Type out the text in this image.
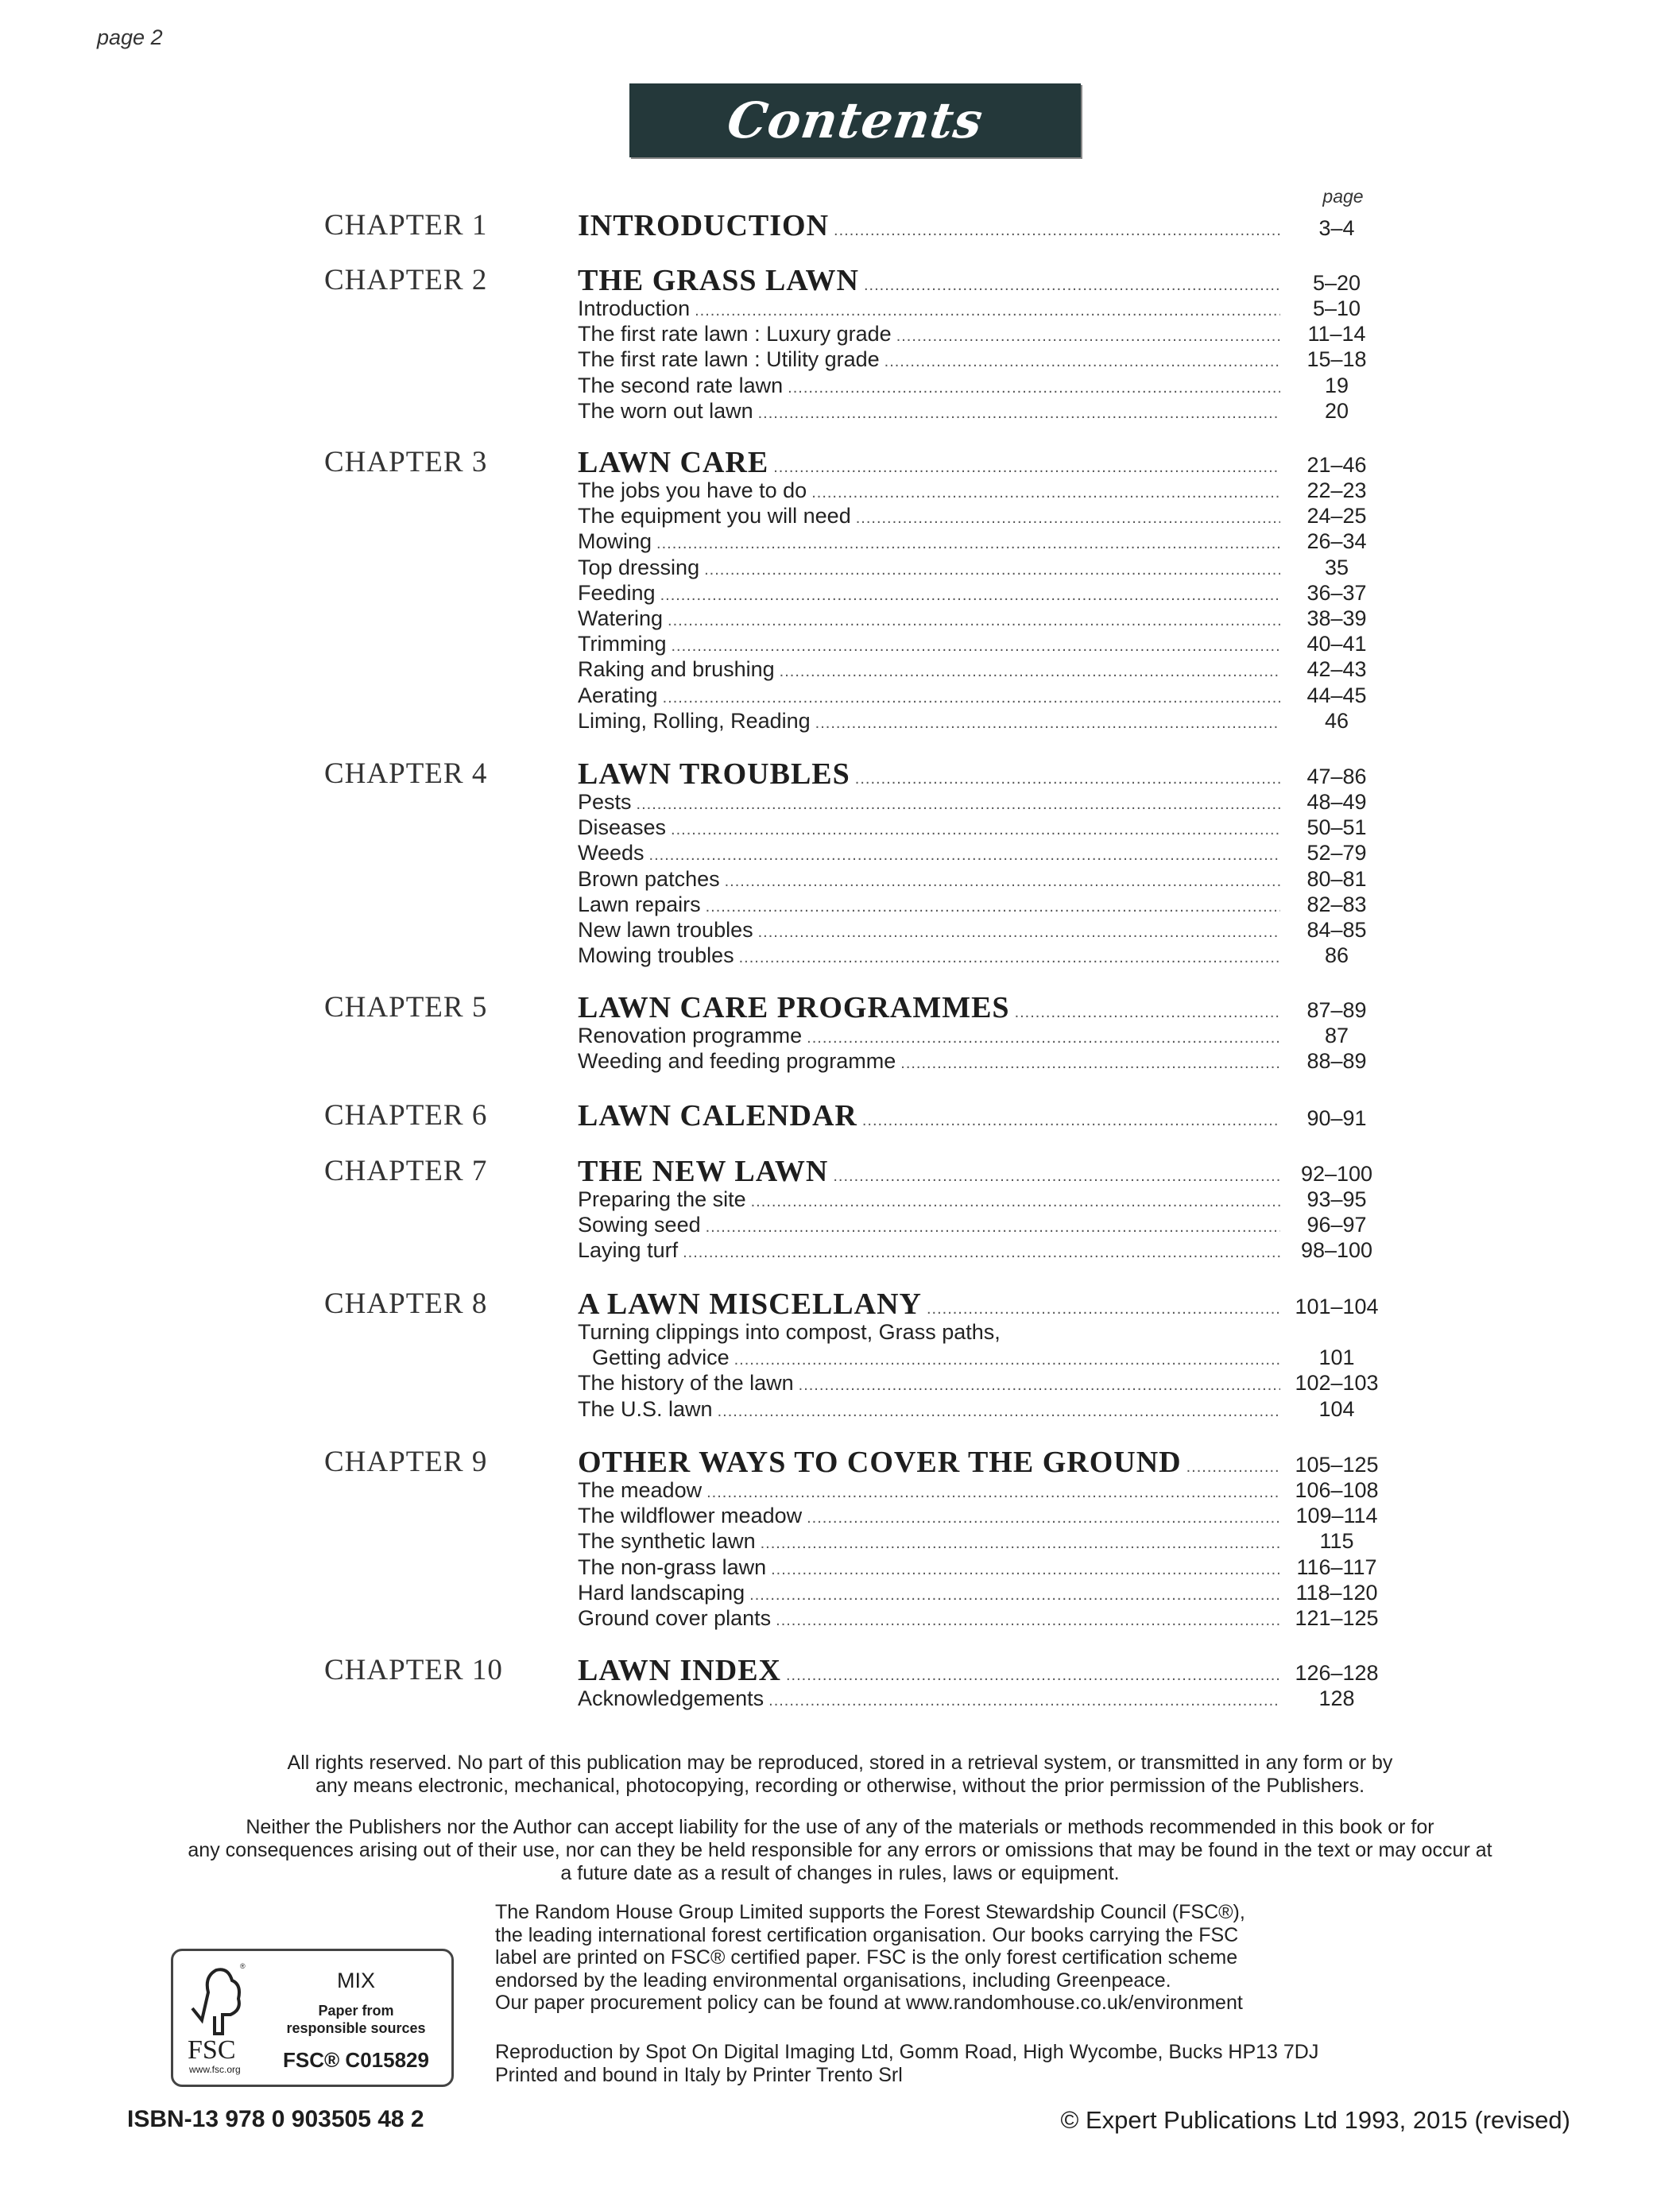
page 2
Contents
page
CHAPTER 1	INTRODUCTION .....	3–4
CHAPTER 2	THE GRASS LAWN .....	5–20
Introduction .....	5–10
The first rate lawn : Luxury grade .....	11–14
The first rate lawn : Utility grade .....	15–18
The second rate lawn .....	19
The worn out lawn .....	20
CHAPTER 3	LAWN CARE .....	21–46
The jobs you have to do .....	22–23
The equipment you will need .....	24–25
Mowing .....	26–34
Top dressing .....	35
Feeding .....	36–37
Watering .....	38–39
Trimming .....	40–41
Raking and brushing .....	42–43
Aerating .....	44–45
Liming, Rolling, Reading .....	46
CHAPTER 4	LAWN TROUBLES .....	47–86
Pests .....	48–49
Diseases .....	50–51
Weeds .....	52–79
Brown patches .....	80–81
Lawn repairs .....	82–83
New lawn troubles .....	84–85
Mowing troubles .....	86
CHAPTER 5	LAWN CARE PROGRAMMES .....	87–89
Renovation programme .....	87
Weeding and feeding programme .....	88–89
CHAPTER 6	LAWN CALENDAR .....	90–91
CHAPTER 7	THE NEW LAWN .....	92–100
Preparing the site .....	93–95
Sowing seed .....	96–97
Laying turf .....	98–100
CHAPTER 8	A LAWN MISCELLANY .....	101–104
Turning clippings into compost, Grass paths,
Getting advice .....	101
The history of the lawn .....	102–103
The U.S. lawn .....	104
CHAPTER 9	OTHER WAYS TO COVER THE GROUND .....	105–125
The meadow .....	106–108
The wildflower meadow .....	109–114
The synthetic lawn .....	115
The non-grass lawn .....	116–117
Hard landscaping .....	118–120
Ground cover plants .....	121–125
CHAPTER 10 LAWN INDEX .....	126–128
Acknowledgements .....	128
All rights reserved. No part of this publication may be reproduced, stored in a retrieval system, or transmitted in any form or by
any means electronic, mechanical, photocopying, recording or otherwise, without the prior permission of the Publishers.
Neither the Publishers nor the Author can accept liability for the use of any of the materials or methods recommended in this book or for
any consequences arising out of their use, nor can they be held responsible for any errors or omissions that may be found in the text or may occur at
a future date as a result of changes in rules, laws or equipment.
®
FSC
www.fsc.org
MIX
Paper from
responsible sources
FSC® C015829
The Random House Group Limited supports the Forest Stewardship Council (FSC®),
the leading international forest certification organisation. Our books carrying the FSC
label are printed on FSC® certified paper. FSC is the only forest certification scheme
endorsed by the leading environmental organisations, including Greenpeace.
Our paper procurement policy can be found at www.randomhouse.co.uk/environment
Reproduction by Spot On Digital Imaging Ltd, Gomm Road, High Wycombe, Bucks HP13 7DJ
Printed and bound in Italy by Printer Trento Srl
ISBN-13 978 0 903505 48 2	© Expert Publications Ltd 1993, 2015 (revised)
